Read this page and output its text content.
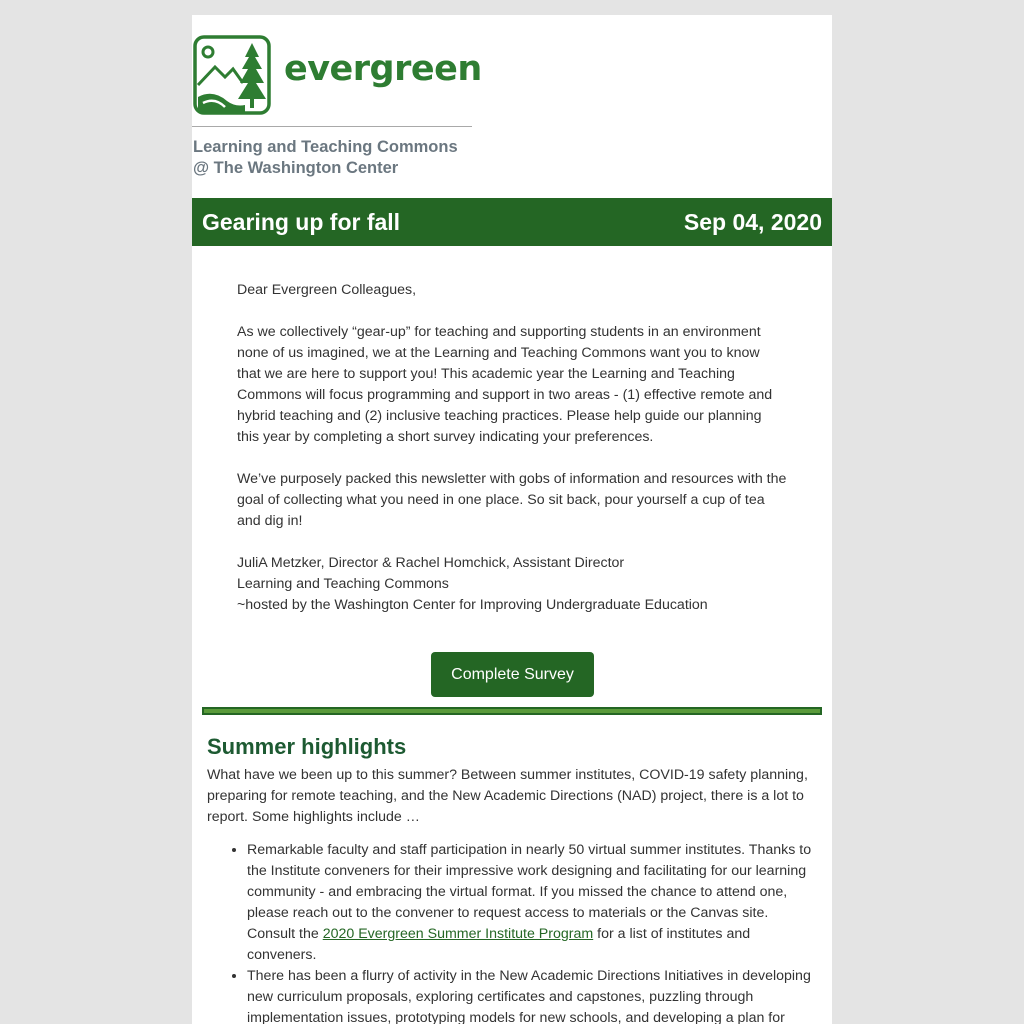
evergreen
Learning and Teaching Commons
@ The Washington Center
Gearing up for fall	Sep 04, 2020

Dear Evergreen Colleagues,

As we collectively “gear-up” for teaching and supporting students in an environment none of us imagined, we at the Learning and Teaching Commons want you to know that we are here to support you! This academic year the Learning and Teaching Commons will focus programming and support in two areas - (1) effective remote and hybrid teaching and (2) inclusive teaching practices. Please help guide our planning this year by completing a short survey indicating your preferences.

We’ve purposely packed this newsletter with gobs of information and resources with the goal of collecting what you need in one place. So sit back, pour yourself a cup of tea and dig in!

JuliA Metzker, Director & Rachel Homchick, Assistant Director
Learning and Teaching Commons
~hosted by the Washington Center for Improving Undergraduate Education
Complete Survey
Summer highlights

What have we been up to this summer? Between summer institutes, COVID-19 safety planning, preparing for remote teaching, and the New Academic Directions (NAD) project, there is a lot to report. Some highlights include …

• Remarkable faculty and staff participation in nearly 50 virtual summer institutes. Thanks to the Institute conveners for their impressive work designing and facilitating for our learning community - and embracing the virtual format. If you missed the chance to attend one, please reach out to the convener to request access to materials or the Canvas site. Consult the 2020 Evergreen Summer Institute Program for a list of institutes and conveners.
• There has been a flurry of activity in the New Academic Directions Initiatives in developing new curriculum proposals, exploring certificates and capstones, puzzling through implementation issues, prototyping models for new schools, and developing a plan for
